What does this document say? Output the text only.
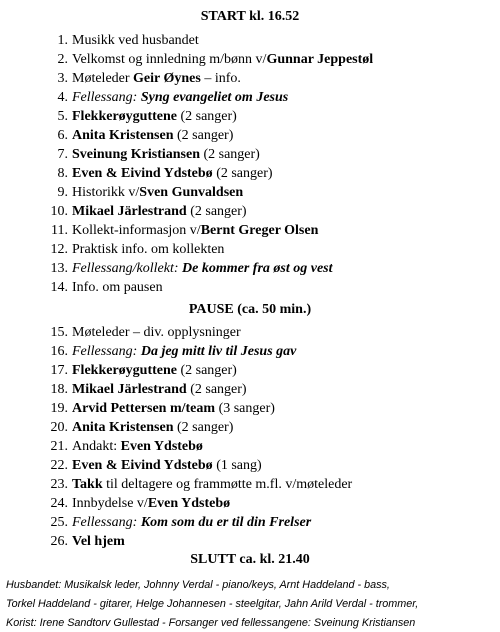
START kl. 16.52
1. Musikk ved husbandet
2. Velkomst og innledning m/bønn v/Gunnar Jeppestøl
3. Møteleder Geir Øynes – info.
4. Fellessang: Syng evangeliet om Jesus
5. Flekkerøyguttene (2 sanger)
6. Anita Kristensen (2 sanger)
7. Sveinung Kristiansen (2 sanger)
8. Even & Eivind Ydstebø (2 sanger)
9. Historikk v/Sven Gunvaldsen
10. Mikael Järlestrand (2 sanger)
11. Kollekt-informasjon v/Bernt Greger Olsen
12. Praktisk info. om kollekten
13. Fellessang/kollekt: De kommer fra øst og vest
14. Info. om pausen
PAUSE (ca. 50 min.)
15. Møteleder – div. opplysninger
16. Fellessang: Da jeg mitt liv til Jesus gav
17. Flekkerøyguttene (2 sanger)
18. Mikael Järlestrand (2 sanger)
19. Arvid Pettersen m/team (3 sanger)
20. Anita Kristensen (2 sanger)
21. Andakt: Even Ydstebø
22. Even & Eivind Ydstebø (1 sang)
23. Takk til deltagere og frammøtte m.fl. v/møteleder
24. Innbydelse v/Even Ydstebø
25. Fellessang: Kom som du er til din Frelser
26. Vel hjem
SLUTT ca. kl. 21.40
Husbandet: Musikalsk leder, Johnny Verdal - piano/keys, Arnt Haddeland - bass,
Torkel Haddeland - gitarer, Helge Johannesen - steelgitar, Jahn Arild Verdal - trommer,
Korist: Irene Sandtorv Gullestad - Forsanger ved fellessangene: Sveinung Kristiansen
